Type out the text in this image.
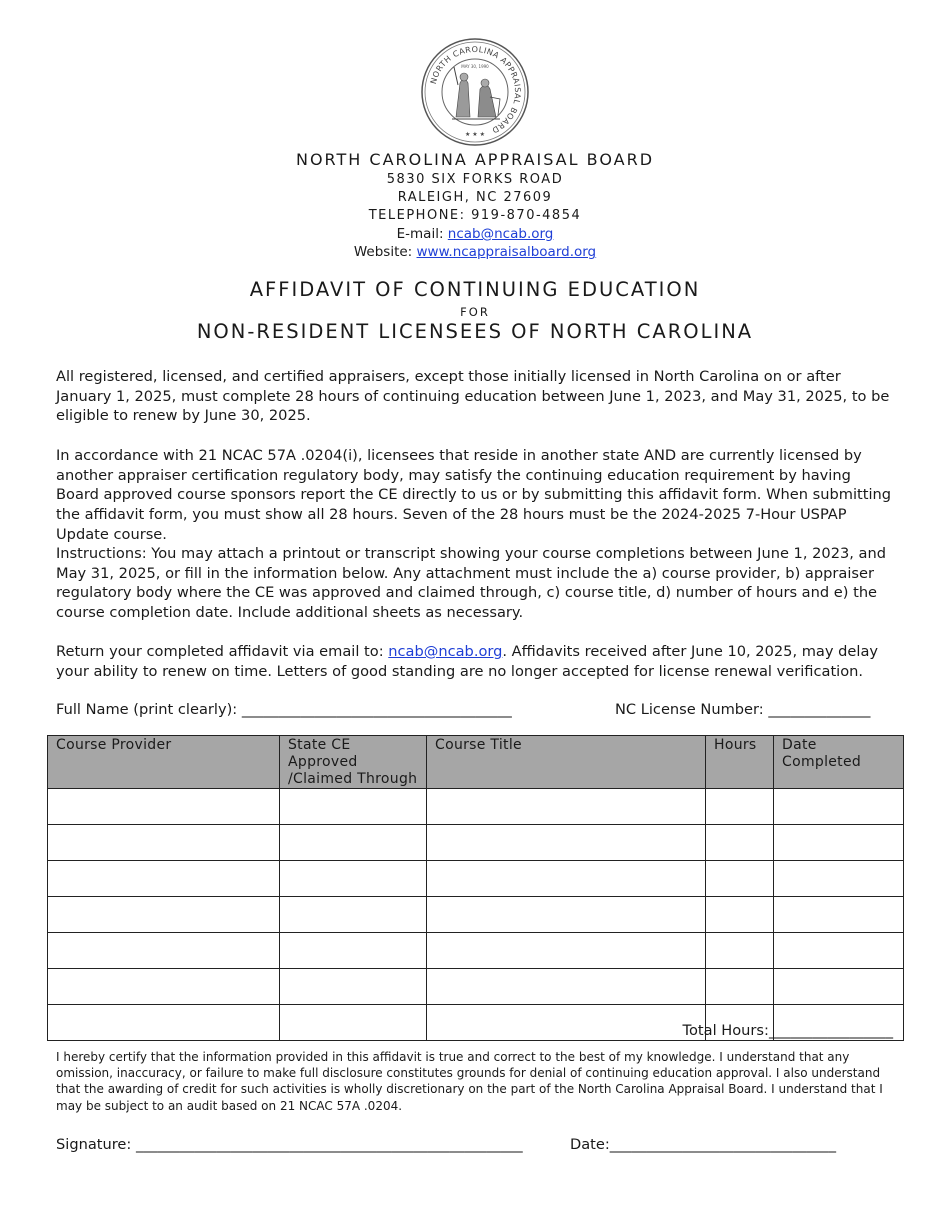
NORTH CAROLINA APPRAISAL BOARD
MAY 30, 1990
★ ★ ★
NORTH CAROLINA APPRAISAL BOARD
5830 SIX FORKS ROAD
RALEIGH, NC 27609
TELEPHONE: 919-870-4854
E-mail: ncab@ncab.org
Website: www.ncappraisalboard.org
AFFIDAVIT OF CONTINUING EDUCATION
FOR
NON-RESIDENT LICENSEES OF NORTH CAROLINA

All registered, licensed, and certified appraisers, except those initially licensed in North Carolina on or after January 1, 2025, must complete 28 hours of continuing education between June 1, 2023, and May 31, 2025, to be eligible to renew by June 30, 2025.

In accordance with 21 NCAC 57A .0204(i), licensees that reside in another state AND are currently licensed by another appraiser certification regulatory body, may satisfy the continuing education requirement by having Board approved course sponsors report the CE directly to us or by submitting this affidavit form. When submitting the affidavit form, you must show all 28 hours. Seven of the 28 hours must be the 2024-2025 7-Hour USPAP Update course.

Instructions: You may attach a printout or transcript showing your course completions between June 1, 2023, and May 31, 2025, or fill in the information below. Any attachment must include the a) course provider, b) appraiser regulatory body where the CE was approved and claimed through, c) course title, d) number of hours and e) the course completion date. Include additional sheets as necessary.

Return your completed affidavit via email to: ncab@ncab.org. Affidavits received after June 10, 2025, may delay your ability to renew on time. Letters of good standing are no longer accepted for license renewal verification.

Full Name (print clearly): _____________________________________	NC License Number: ______________
Course Provider	State CE Approved /Claimed Through	Course Title	Hours	Date Completed

Total Hours:_________________

I hereby certify that the information provided in this affidavit is true and correct to the best of my knowledge. I understand that any omission, inaccuracy, or failure to make full disclosure constitutes grounds for denial of continuing education approval. I also understand that the awarding of credit for such activities is wholly discretionary on the part of the North Carolina Appraisal Board. I understand that I may be subject to an audit based on 21 NCAC 57A .0204.

Signature: _____________________________________________________	Date:_______________________________
